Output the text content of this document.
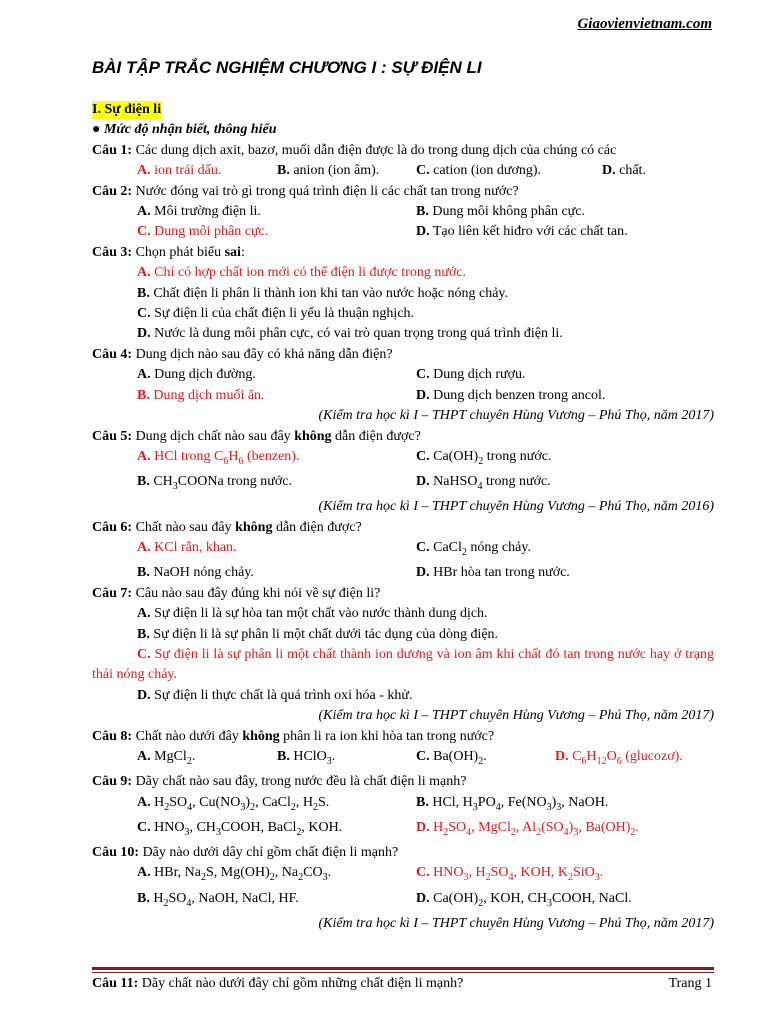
Giaovienvietnam.com
BÀI TẬP TRẮC NGHIỆM CHƯƠNG I : SỰ ĐIỆN LI
I. Sự điện li
● Mức độ nhận biết, thông hiểu
Câu 1: Các dung dịch axit, bazơ, muối dẫn điện được là do trong dung dịch của chúng có các
A. ion trái dấu.	B. anion (ion âm).	C. cation (ion dương).	D. chất.
Câu 2: Nước đóng vai trò gì trong quá trình điện li các chất tan trong nước?
A. Môi trường điện li.	B. Dung môi không phân cực.
C. Dung môi phân cực.	D. Tạo liên kết hiđro với các chất tan.
Câu 3: Chọn phát biểu sai:
A. Chỉ có hợp chất ion mới có thể điện li được trong nước.
B. Chất điện li phân li thành ion khi tan vào nước hoặc nóng chảy.
C. Sự điện li của chất điện li yếu là thuận nghịch.
D. Nước là dung môi phân cực, có vai trò quan trọng trong quá trình điện li.
Câu 4: Dung dịch nào sau đây có khả năng dẫn điện?
A. Dung dịch đường.	C. Dung dịch rượu.
B. Dung dịch muối ăn.	D. Dung dịch benzen trong ancol.
(Kiểm tra học kì I – THPT chuyên Hùng Vương – Phú Thọ, năm 2017)
Câu 5: Dung dịch chất nào sau đây không dẫn điện được?
A. HCl trong $C_6H_6$ (benzen).	C. $Ca(OH)_2$ trong nước.
B. $CH_3COONa$ trong nước.	D. NaHSO$_4$ trong nước.
(Kiểm tra học kì I – THPT chuyên Hùng Vương – Phú Thọ, năm 2016)
Câu 6: Chất nào sau đây không dẫn điện được?
A. KCl rắn, khan.	C. CaCl$_2$ nóng chảy.
B. NaOH nóng chảy.	D. HBr hòa tan trong nước.
Câu 7: Câu nào sau đây đúng khi nói về sự điện li?
A. Sự điện li là sự hòa tan một chất vào nước thành dung dịch.
B. Sự điện li là sự phân li một chất dưới tác dụng của dòng điện.
C. Sự điện li là sự phân li một chất thành ion dương và ion âm khi chất đó tan trong nước hay ở trạng thái nóng chảy.
D. Sự điện li thực chất là quá trình oxi hóa - khử.
(Kiểm tra học kì I – THPT chuyên Hùng Vương – Phú Thọ, năm 2017)
Câu 8: Chất nào dưới đây không phân li ra ion khi hòa tan trong nước?
A. MgCl$_2$.	B. HClO$_3$.	C. $Ba(OH)_2$.	D. $C_6H_{12}O_6$ (glucozơ).
Câu 9: Dãy chất nào sau đây, trong nước đều là chất điện li mạnh?
A. $H_2SO_4$, $Cu(NO_3)_2$, CaCl$_2$, $H_2S$.	B. HCl, $H_3PO_4$, $Fe(NO_3)_3$, NaOH.
C. $HNO_3$, $CH_3COOH$, BaCl$_2$, KOH.	D. $H_2SO_4$, MgCl$_2$, $Al_2(SO_4)_3$, $Ba(OH)_2$.
Câu 10: Dãy nào dưới dây chỉ gồm chất điện li mạnh?
A. HBr, $Na_2S$, $Mg(OH)_2$, $Na_2CO_3$.	C. $HNO_3$, $H_2SO_4$, KOH, $K_2SiO_3$.
B. $H_2SO_4$, NaOH, NaCl, HF.	D. $Ca(OH)_2$, KOH, $CH_3COOH$, NaCl.
(Kiểm tra học kì I – THPT chuyên Hùng Vương – Phú Thọ, năm 2017)
Câu 11: Dãy chất nào dưới đây chỉ gồm những chất điện li mạnh?	Trang 1
